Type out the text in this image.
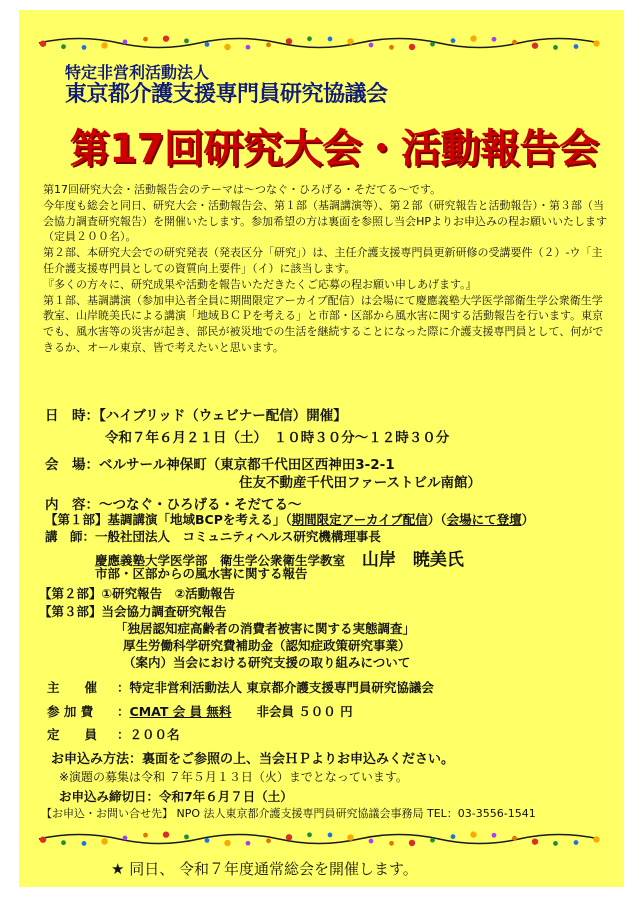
特定非営利活動法人
東京都介護支援専門員研究協議会
第17回研究大会・活動報告会

第17回研究大会・活動報告会のテーマは～つなぐ・ひろげる・そだてる～です。

今年度も総会と同日、研究大会・活動報告会、第１部（基調講演等）、第２部（研究報告と活動報告）・第３部（当会協力調査研究報告）を開催いたします。参加希望の方は裏面を参照し当会HPよりお申込みの程お願いいたします（定員２００名）。

第２部、本研究大会での研究発表（発表区分「研究」）は、主任介護支援専門員更新研修の受講要件（２）‐ウ「主任介護支援専門員としての資質向上要件」（イ）に該当します。

『多くの方々に、研究成果や活動を報告いただきたくご応募の程お願い申しあげます。』

第１部、基調講演（参加申込者全員に期間限定アーカイブ配信）は会場にて慶應義塾大学医学部衛生学公衆衛生学教室、山岸暁美氏による講演「地域ＢＣＰを考える」と市部・区部から風水害に関する活動報告を行います。東京でも、風水害等の災害が起き、部民が被災地での生活を継続することになった際に介護支援専門員として、何ができるか、オール東京、皆で考えたいと思います。

日　時：【ハイブリッド（ウェビナー配信）開催】
令和７年６月２１日（土）　１０時３０分～１２時３０分
会　場：ベルサール神保町（東京都千代田区西神田3-2-1
住友不動産千代田ファーストビル南館）
内　容：～つなぐ・ひろげる・そだてる～
【第１部】基調講演「地域BCPを考える」（期間限定アーカイブ配信）（会場にて登壇）
講　師：一般社団法人　コミュニティヘルス研究機構理事長
慶應義塾大学医学部　衛生学公衆衛生学教室　 山岸　暁美氏
市部・区部からの風水害に関する報告
【第２部】①研究報告　②活動報告
【第３部】当会協力調査研究報告
「独居認知症高齢者の消費者被害に関する実態調査」
厚生労働科学研究費補助金（認知症政策研究事業）
（案内）当会における研究支援の取り組みについて
主　　催 ：特定非営利活動法人 東京都介護支援専門員研究協議会
参 加 費 ：CMAT 会 員 無料　　 非会員 ５００ 円
定　　員 ：２００名
お申込み方法：裏面をご参照の上、当会ＨＰよりお申込みください。
※演題の募集は令和 ７年５月１３日（火）までとなっています。
お申込み締切日：令和7年６月７日（土）
【お申込・お問い合せ先】 NPO 法人東京都介護支援専門員研究協議会事務局 TEL：03-3556-1541
★ 同日、 令和７年度通常総会を開催します。
